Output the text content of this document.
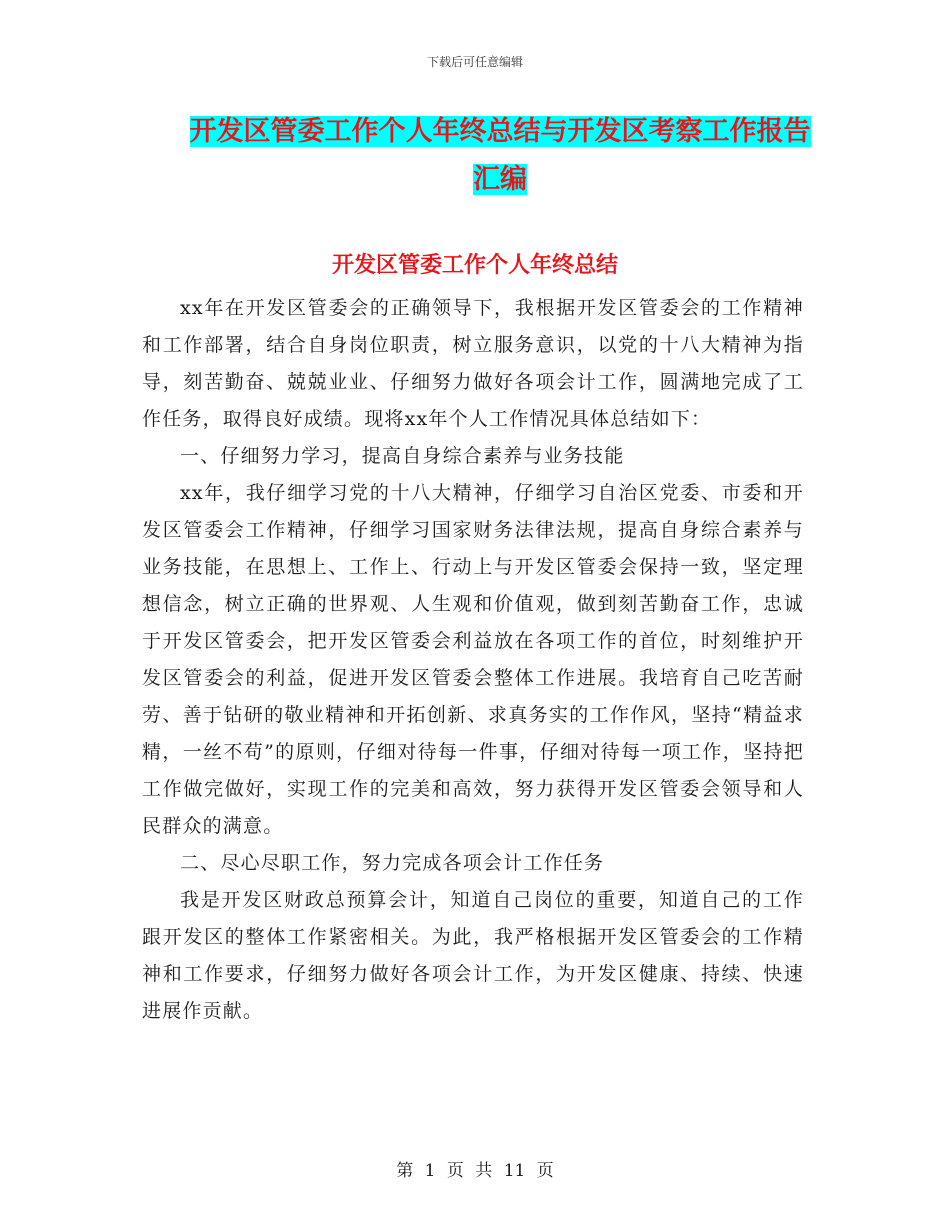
下载后可任意编辑
开发区管委工作个人年终总结与开发区考察工作报告
汇编
开发区管委工作个人年终总结

xx年在开发区管委会的正确领导下，我根据开发区管委会的工作精神和工作部署，结合自身岗位职责，树立服务意识，以党的十八大精神为指导，刻苦勤奋、兢兢业业、仔细努力做好各项会计工作，圆满地完成了工作任务，取得良好成绩。现将xx年个人工作情况具体总结如下：

一、仔细努力学习，提高自身综合素养与业务技能

xx年，我仔细学习党的十八大精神，仔细学习自治区党委、市委和开发区管委会工作精神，仔细学习国家财务法律法规，提高自身综合素养与业务技能，在思想上、工作上、行动上与开发区管委会保持一致，坚定理想信念，树立正确的世界观、人生观和价值观，做到刻苦勤奋工作，忠诚于开发区管委会，把开发区管委会利益放在各项工作的首位，时刻维护开发区管委会的利益，促进开发区管委会整体工作进展。我培育自己吃苦耐劳、善于钻研的敬业精神和开拓创新、求真务实的工作作风，坚持“精益求精，一丝不苟”的原则，仔细对待每一件事，仔细对待每一项工作，坚持把工作做完做好，实现工作的完美和高效，努力获得开发区管委会领导和人民群众的满意。

二、尽心尽职工作，努力完成各项会计工作任务

我是开发区财政总预算会计，知道自己岗位的重要，知道自己的工作跟开发区的整体工作紧密相关。为此，我严格根据开发区管委会的工作精神和工作要求，仔细努力做好各项会计工作，为开发区健康、持续、快速进展作贡献。

第 1 页 共 11 页
